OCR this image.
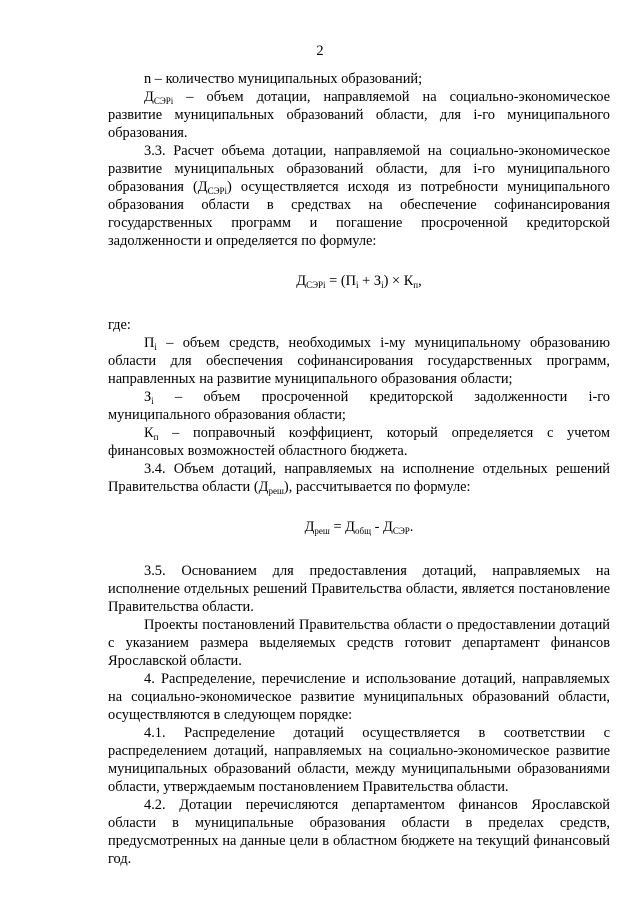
2

n – количество муниципальных образований;

$Д_{СЭРi}$ – объем дотации, направляемой на социально-экономическое развитие муниципальных образований области, для i-го муниципального образования.

3.3. Расчет объема дотации, направляемой на социально-экономическое развитие муниципальных образований области, для i-го муниципального образования $(Д_{СЭРi})$ осуществляется исходя из потребности муниципального образования области в средствах на обеспечение софинансирования государственных программ и погашение просроченной кредиторской задолженности и определяется по формуле:

$Д_{СЭРi} = (П_i + З_i) \times К_п$,

где:

$П_i$ – объем средств, необходимых i-му муниципальному образованию области для обеспечения софинансирования государственных программ, направленных на развитие муниципального образования области;

$З_i$ – объем просроченной кредиторской задолженности i-го муниципального образования области;

$К_п$ – поправочный коэффициент, который определяется с учетом финансовых возможностей областного бюджета.

3.4. Объем дотаций, направляемых на исполнение отдельных решений Правительства области $(Д_{реш})$, рассчитывается по формуле:

$Д_{реш} = Д_{общ} - Д_{СЭР}$.

3.5. Основанием для предоставления дотаций, направляемых на исполнение отдельных решений Правительства области, является постановление Правительства области.

Проекты постановлений Правительства области о предоставлении дотаций с указанием размера выделяемых средств готовит департамент финансов Ярославской области.

4. Распределение, перечисление и использование дотаций, направляемых на социально-экономическое развитие муниципальных образований области, осуществляются в следующем порядке:

4.1. Распределение дотаций осуществляется в соответствии с распределением дотаций, направляемых на социально-экономическое развитие муниципальных образований области, между муниципальными образованиями области, утверждаемым постановлением Правительства области.

4.2. Дотации перечисляются департаментом финансов Ярославской области в муниципальные образования области в пределах средств, предусмотренных на данные цели в областном бюджете на текущий финансовый год.
